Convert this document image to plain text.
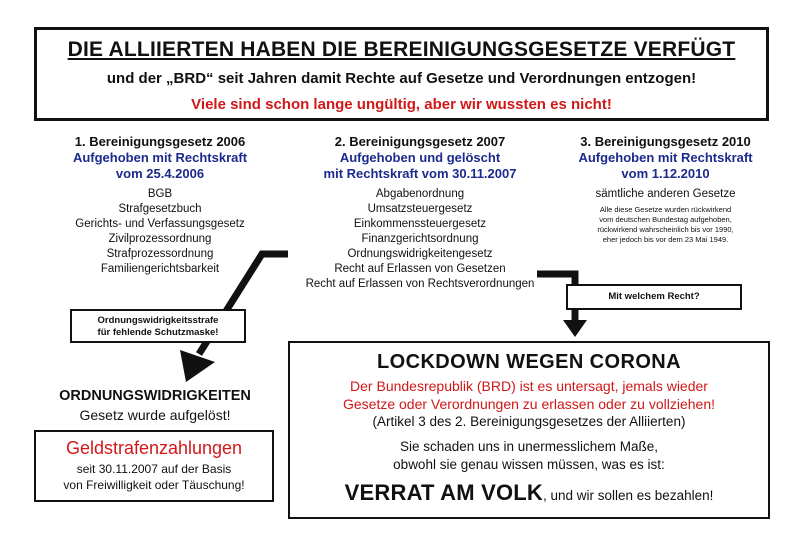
DIE ALLIIERTEN HABEN DIE BEREINIGUNGSGESETZE VERFÜGT
und der „BRD“ seit Jahren damit Rechte auf Gesetze und Verordnungen entzogen!
Viele sind schon lange ungültig, aber wir wussten es nicht!
1. Bereinigungsgesetz 2006
Aufgehoben mit Rechtskraft
vom 25.4.2006
BGB
Strafgesetzbuch
Gerichts- und Verfassungsgesetz
Zivilprozessordnung
Strafprozessordnung
Familiengerichtsbarkeit
2. Bereinigungsgesetz 2007
Aufgehoben und gelöscht
mit Rechtskraft vom 30.11.2007
Abgabenordnung
Umsatzsteuergesetz
Einkommenssteuergesetz
Finanzgerichtsordnung
Ordnungswidrigkeitengesetz
Recht auf Erlassen von Gesetzen
Recht auf Erlassen von Rechtsverordnungen
3. Bereinigungsgesetz 2010
Aufgehoben mit Rechtskraft
vom 1.12.2010
sämtliche anderen Gesetze
Alle diese Gesetze wurden rückwirkend
vom deutschen Bundestag aufgehoben,
rückwirkend wahrscheinlich bis vor 1990,
eher jedoch bis vor dem 23 Mai 1949.
Ordnungswidrigkeitsstrafe
für fehlende Schutzmaske!
Mit welchem Recht?
ORDNUNGSWIDRIGKEITEN
Gesetz wurde aufgelöst!
Geldstrafenzahlungen
seit 30.11.2007 auf der Basis
von Freiwilligkeit oder Täuschung!
LOCKDOWN WEGEN CORONA
Der Bundesrepublik (BRD) ist es untersagt, jemals wieder
Gesetze oder Verordnungen zu erlassen oder zu vollziehen!
(Artikel 3 des 2. Bereinigungsgesetzes der Alliierten)
Sie schaden uns in unermesslichem Maße,
obwohl sie genau wissen müssen, was es ist:
VERRAT AM VOLK, und wir sollen es bezahlen!
